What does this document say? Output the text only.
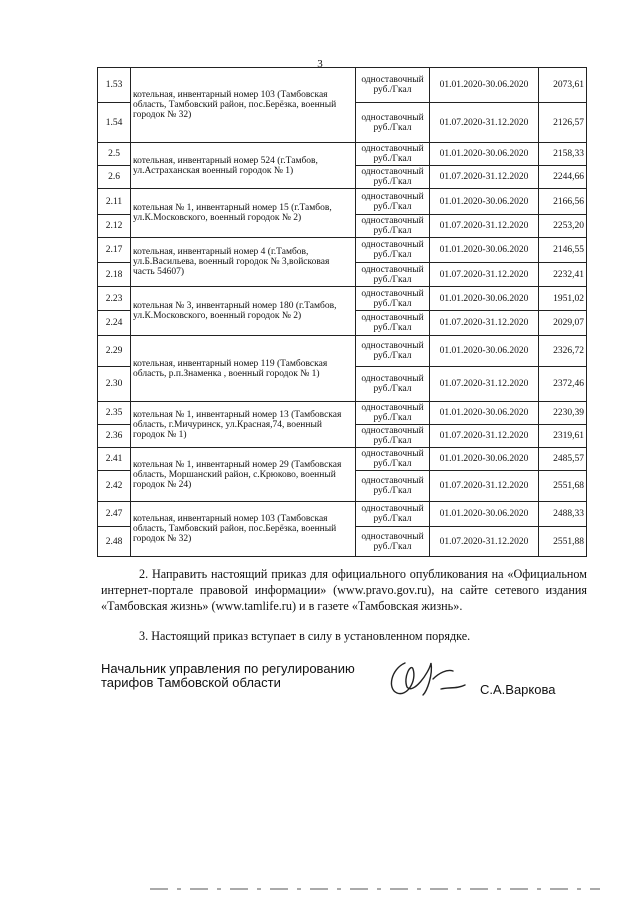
3
1.53	котельная, инвентарный номер 103 (Тамбовская область, Тамбовский район, пос.Берёзка, военный городок № 32)	одноставочный руб./Гкал	01.01.2020-30.06.2020	2073,61
1.54		одноставочный руб./Гкал	01.07.2020-31.12.2020	2126,57
2.5	котельная, инвентарный номер 524 (г.Тамбов, ул.Астраханская военный городок № 1)	одноставочный руб./Гкал	01.01.2020-30.06.2020	2158,33
2.6		одноставочный руб./Гкал	01.07.2020-31.12.2020	2244,66
2.11	котельная № 1, инвентарный номер 15 (г.Тамбов, ул.К.Московского, военный городок № 2)	одноставочный руб./Гкал	01.01.2020-30.06.2020	2166,56
2.12		одноставочный руб./Гкал	01.07.2020-31.12.2020	2253,20
2.17	котельная, инвентарный номер 4 (г.Тамбов, ул.Б.Васильева, военный городок № 3,войсковая часть 54607)	одноставочный руб./Гкал	01.01.2020-30.06.2020	2146,55
2.18		одноставочный руб./Гкал	01.07.2020-31.12.2020	2232,41
2.23	котельная № 3, инвентарный номер 180 (г.Тамбов, ул.К.Московского, военный городок № 2)	одноставочный руб./Гкал	01.01.2020-30.06.2020	1951,02
2.24		одноставочный руб./Гкал	01.07.2020-31.12.2020	2029,07
2.29	котельная, инвентарный номер 119 (Тамбовская область, р.п.Знаменка , военный городок № 1)	одноставочный руб./Гкал	01.01.2020-30.06.2020	2326,72
2.30		одноставочный руб./Гкал	01.07.2020-31.12.2020	2372,46
2.35	котельная № 1, инвентарный номер 13 (Тамбовская область, г.Мичуринск, ул.Красная,74, военный городок № 1)	одноставочный руб./Гкал	01.01.2020-30.06.2020	2230,39
2.36		одноставочный руб./Гкал	01.07.2020-31.12.2020	2319,61
2.41	котельная № 1, инвентарный номер 29 (Тамбовская область, Моршанский район, с.Крюково, военный городок № 24)	одноставочный руб./Гкал	01.01.2020-30.06.2020	2485,57
2.42		одноставочный руб./Гкал	01.07.2020-31.12.2020	2551,68
2.47	котельная, инвентарный номер 103 (Тамбовская область, Тамбовский район, пос.Берёзка, военный городок № 32)	одноставочный руб./Гкал	01.01.2020-30.06.2020	2488,33
2.48		одноставочный руб./Гкал	01.07.2020-31.12.2020	2551,88
2. Направить настоящий приказ для официального опубликования на «Официальном интернет-портале правовой информации» (www.pravo.gov.ru), на сайте сетевого издания «Тамбовская жизнь» (www.tamlife.ru) и в газете «Тамбовская жизнь».
3. Настоящий приказ вступает в силу в установленном порядке.
Начальник управления по регулированию
тарифов Тамбовской области	С.А.Варкова
